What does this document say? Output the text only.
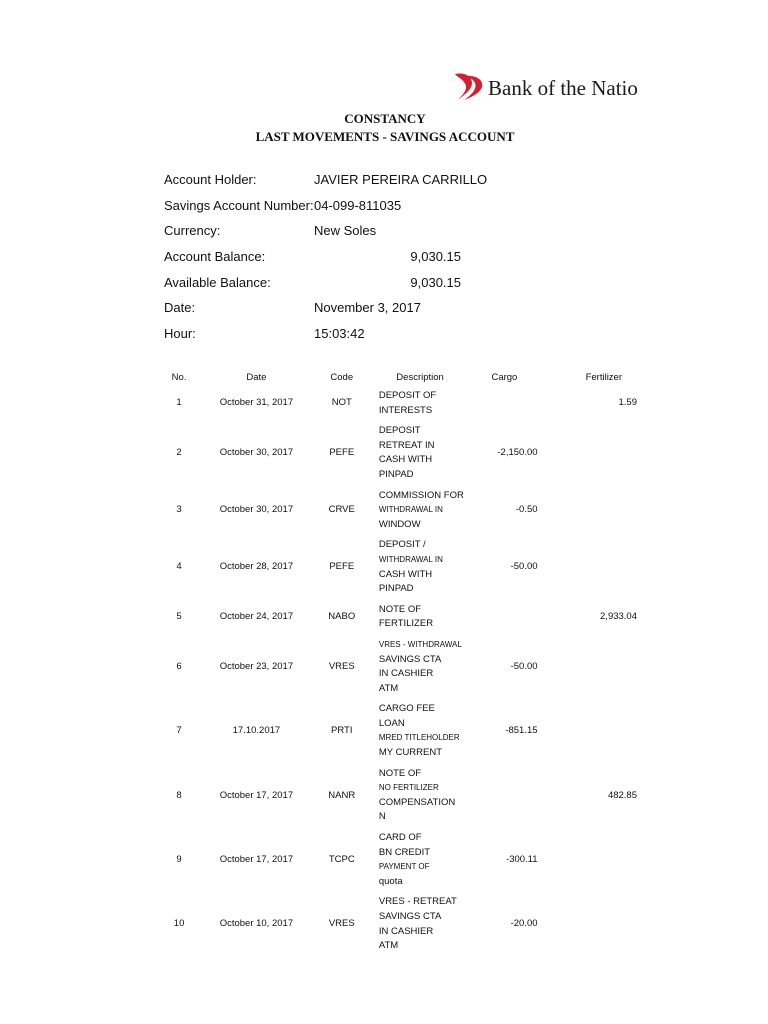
Bank of the Natio
CONSTANCY
LAST MOVEMENTS - SAVINGS ACCOUNT
Account Holder:	JAVIER PEREIRA CARRILLO
Savings Account Number: 04-099-811035
Currency:	New Soles
Account Balance:	9,030.15
Available Balance:	9,030.15
Date:	November 3, 2017
Hour:	15:03:42
No.	Date	Code	Description	Cargo	Fertilizer
1	October 31, 2017	NOT	DEPOSIT OF
INTERESTS		1.59
2	October 30, 2017	PEFE	DEPOSIT
RETREAT IN
CASH WITH
PINPAD	-2,150.00	
3	October 30, 2017	CRVE	COMMISSION FOR
WITHDRAWAL IN
WINDOW	-0.50	
4	October 28, 2017	PEFE	DEPOSIT /
WITHDRAWAL IN
CASH WITH
PINPAD	-50.00	
5	October 24, 2017	NABO	NOTE OF
FERTILIZER		2,933.04
6	October 23, 2017	VRES	VRES - WITHDRAWAL
SAVINGS CTA
IN CASHIER
ATM	-50.00	
7	17.10.2017	PRTI	CARGO FEE
LOAN
MRED TITLEHOLDER
MY CURRENT	-851.15	
8	October 17, 2017	NANR	NOTE OF
NO FERTILIZER
COMPENSATION
N		482.85
9	October 17, 2017	TCPC	CARD OF
BN CREDIT
PAYMENT OF
quota	-300.11	
10	October 10, 2017	VRES	VRES - RETREAT
SAVINGS CTA
IN CASHIER
ATM	-20.00	
